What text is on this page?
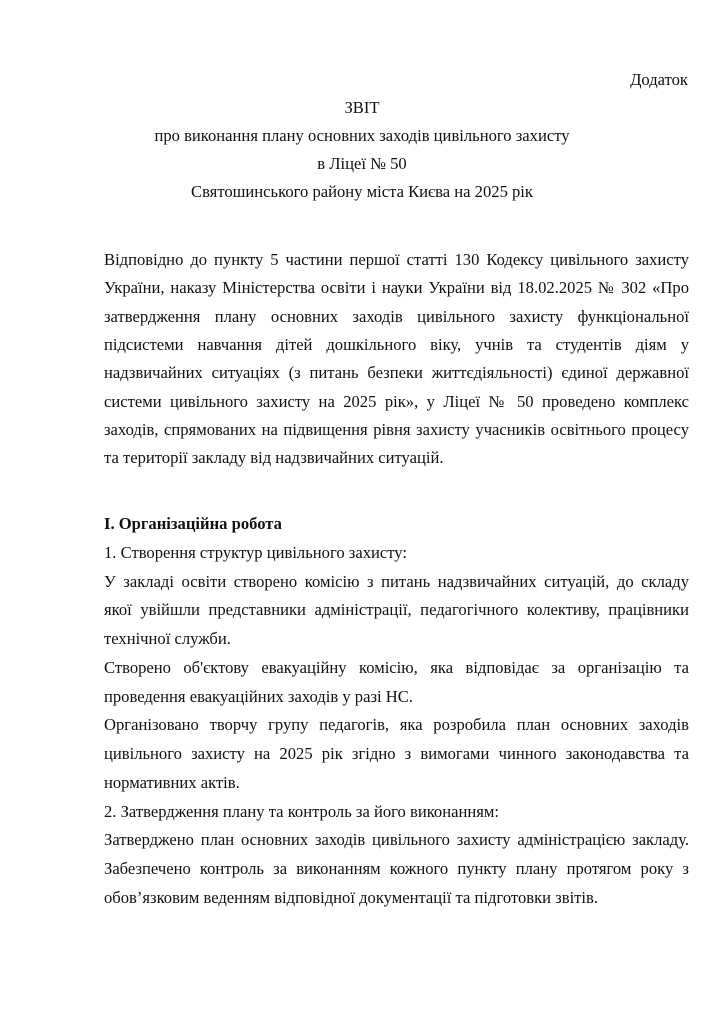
Додаток
ЗВІТ
про виконання плану основних заходів цивільного захисту
в Ліцеї № 50
Святошинського району міста Києва на 2025 рік
Відповідно до пункту 5 частини першої статті 130 Кодексу цивільного захисту
України, наказу Міністерства освіти і науки України від 18.02.2025 № 302 «Про
затвердження плану основних заходів цивільного захисту функціональної
підсистеми навчання дітей дошкільного віку, учнів та студентів діям у
надзвичайних ситуаціях (з питань безпеки життєдіяльності) єдиної державної
системи цивільного захисту на 2025 рік», у Ліцеї № 50 проведено комплекс
заходів, спрямованих на підвищення рівня захисту учасників освітнього процесу
та території закладу від надзвичайних ситуацій.
І. Організаційна робота
1. Створення структур цивільного захисту:
У закладі освіти створено комісію з питань надзвичайних ситуацій, до складу
якої увійшли представники адміністрації, педагогічного колективу, працівники
технічної служби.
Створено об'єктову евакуаційну комісію, яка відповідає за організацію та
проведення евакуаційних заходів у разі НС.
Організовано творчу групу педагогів, яка розробила план основних заходів
цивільного захисту на 2025 рік згідно з вимогами чинного законодавства та
нормативних актів.
2. Затвердження плану та контроль за його виконанням:
Затверджено план основних заходів цивільного захисту адміністрацією закладу.
Забезпечено контроль за виконанням кожного пункту плану протягом року з
обов’язковим веденням відповідної документації та підготовки звітів.
